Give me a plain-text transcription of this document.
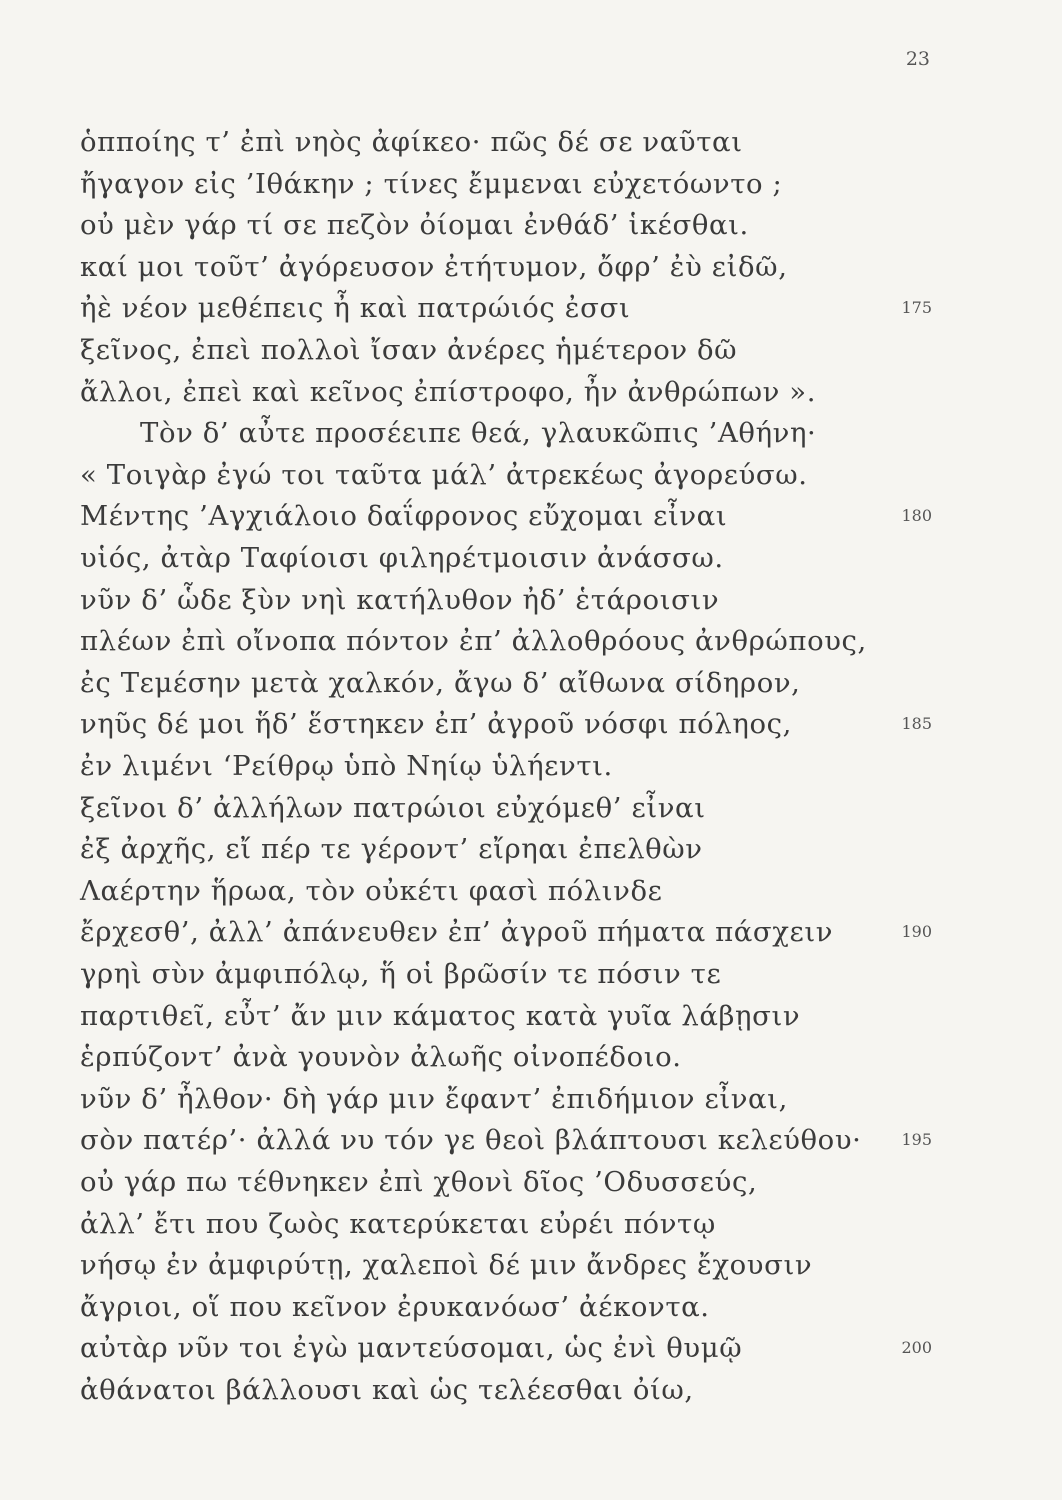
23
ὁπποίης τ’ ἐπὶ νηὸς ἀφίκεο· πῶς δέ σε ναῦται
ἤγαγον εἰς ’Ιθάκην ; τίνες ἔμμεναι εὐχετόωντο ;
οὐ μὲν γάρ τί σε πεζὸν ὀίομαι ἐνθάδ’ ἱκέσθαι.
καί μοι τοῦτ’ ἀγόρευσον ἐτήτυμον, ὄφρ’ ἐὺ εἰδῶ,
ἠὲ νέον μεθέπεις ἦ καὶ πατρώιός ἐσσι	175
ξεῖνος, ἐπεὶ πολλοὶ ἴσαν ἀνέρες ἡμέτερον δῶ
ἄλλοι, ἐπεὶ καὶ κεῖνος ἐπίστροφο, ἦν ἀνθρώπων ».
Τὸν δ’ αὖτε προσέειπε θεά, γλαυκῶπις ’Αθήνη·
« Τοιγὰρ ἐγώ τοι ταῦτα μάλ’ ἀτρεκέως ἀγορεύσω.
Μέντης ’Αγχιάλοιο δαΐφρονος εὔχομαι εἶναι	180
υἱός, ἀτὰρ Ταφίοισι φιληρέτμοισιν ἀνάσσω.
νῦν δ’ ὧδε ξὺν νηὶ κατήλυθον ἠδ’ ἑτάροισιν
πλέων ἐπὶ οἴνοπα πόντον ἐπ’ ἀλλοθρόους ἀνθρώπους,
ἐς Τεμέσην μετὰ χαλκόν, ἄγω δ’ αἴθωνα σίδηρον,
νηῦς δέ μοι ἥδ’ ἕστηκεν ἐπ’ ἀγροῦ νόσφι πόληος,	185
ἐν λιμένι ‘Ρείθρῳ ὑπὸ Νηίῳ ὑλήεντι.
ξεῖνοι δ’ ἀλλήλων πατρώιοι εὐχόμεθ’ εἶναι
ἐξ ἀρχῆς, εἴ πέρ τε γέροντ’ εἴρηαι ἐπελθὼν
Λαέρτην ἥρωα, τὸν οὐκέτι φασὶ πόλινδε
ἔρχεσθ’, ἀλλ’ ἀπάνευθεν ἐπ’ ἀγροῦ πήματα πάσχειν	190
γρηὶ σὺν ἀμφιπόλῳ, ἥ οἱ βρῶσίν τε πόσιν τε
παρτιθεῖ, εὖτ’ ἄν μιν κάματος κατὰ γυῖα λάβῃσιν
ἑρπύζοντ’ ἀνὰ γουνὸν ἀλωῆς οἰνοπέδοιο.
νῦν δ’ ἦλθον· δὴ γάρ μιν ἔφαντ’ ἐπιδήμιον εἶναι,
σὸν πατέρ’· ἀλλά νυ τόν γε θεοὶ βλάπτουσι κελεύθου·	195
οὐ γάρ πω τέθνηκεν ἐπὶ χθονὶ δῖος ’Οδυσσεύς,
ἀλλ’ ἔτι που ζωὸς κατερύκεται εὐρέι πόντῳ
νήσῳ ἐν ἀμφιρύτῃ, χαλεποὶ δέ μιν ἄνδρες ἔχουσιν
ἄγριοι, οἵ που κεῖνον ἐρυκανόωσ’ ἀέκοντα.
αὐτὰρ νῦν τοι ἐγὼ μαντεύσομαι, ὡς ἐνὶ θυμῷ	200
ἀθάνατοι βάλλουσι καὶ ὡς τελέεσθαι ὀίω,
